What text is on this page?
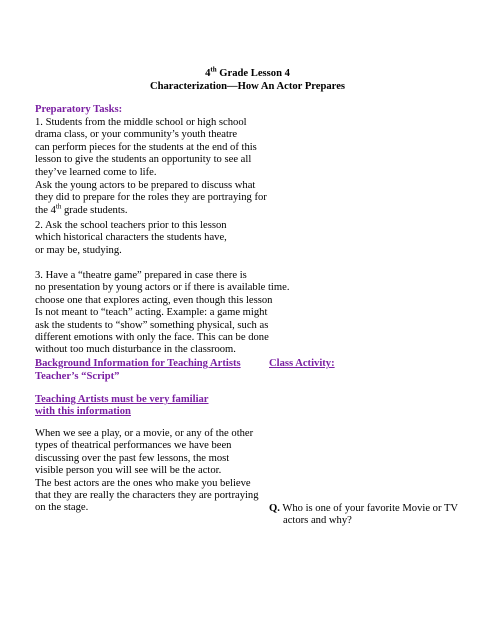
4th Grade Lesson 4
Characterization—How An Actor Prepares
Preparatory Tasks:
1. Students from the middle school or high school
drama class, or your community’s youth theatre
can perform pieces for the students at the end of this
lesson to give the students an opportunity to see all
they’ve learned come to life.
Ask the young actors to be prepared to discuss what
they did to prepare for the roles they are portraying for
the 4th grade students.
2. Ask the school teachers prior to this lesson
which historical characters the students have,
or may be, studying.
3. Have a “theatre game” prepared in case there is
no presentation by young actors or if there is available time.
choose one that explores acting, even though this lesson
Is not meant to “teach” acting. Example: a game might
ask the students to “show” something physical, such as
different emotions with only the face. This can be done
without too much disturbance in the classroom.
Background Information for Teaching Artists
Teacher’s “Script”
Class Activity:
Teaching Artists must be very familiar
with this information
When we see a play, or a movie, or any of the other
types of theatrical performances we have been
discussing over the past few lessons, the most
visible person you will see will be the actor.
The best actors are the ones who make you believe
that they are really the characters they are portraying
on the stage.	Q. Who is one of your favorite Movie or TV
actors and why?
